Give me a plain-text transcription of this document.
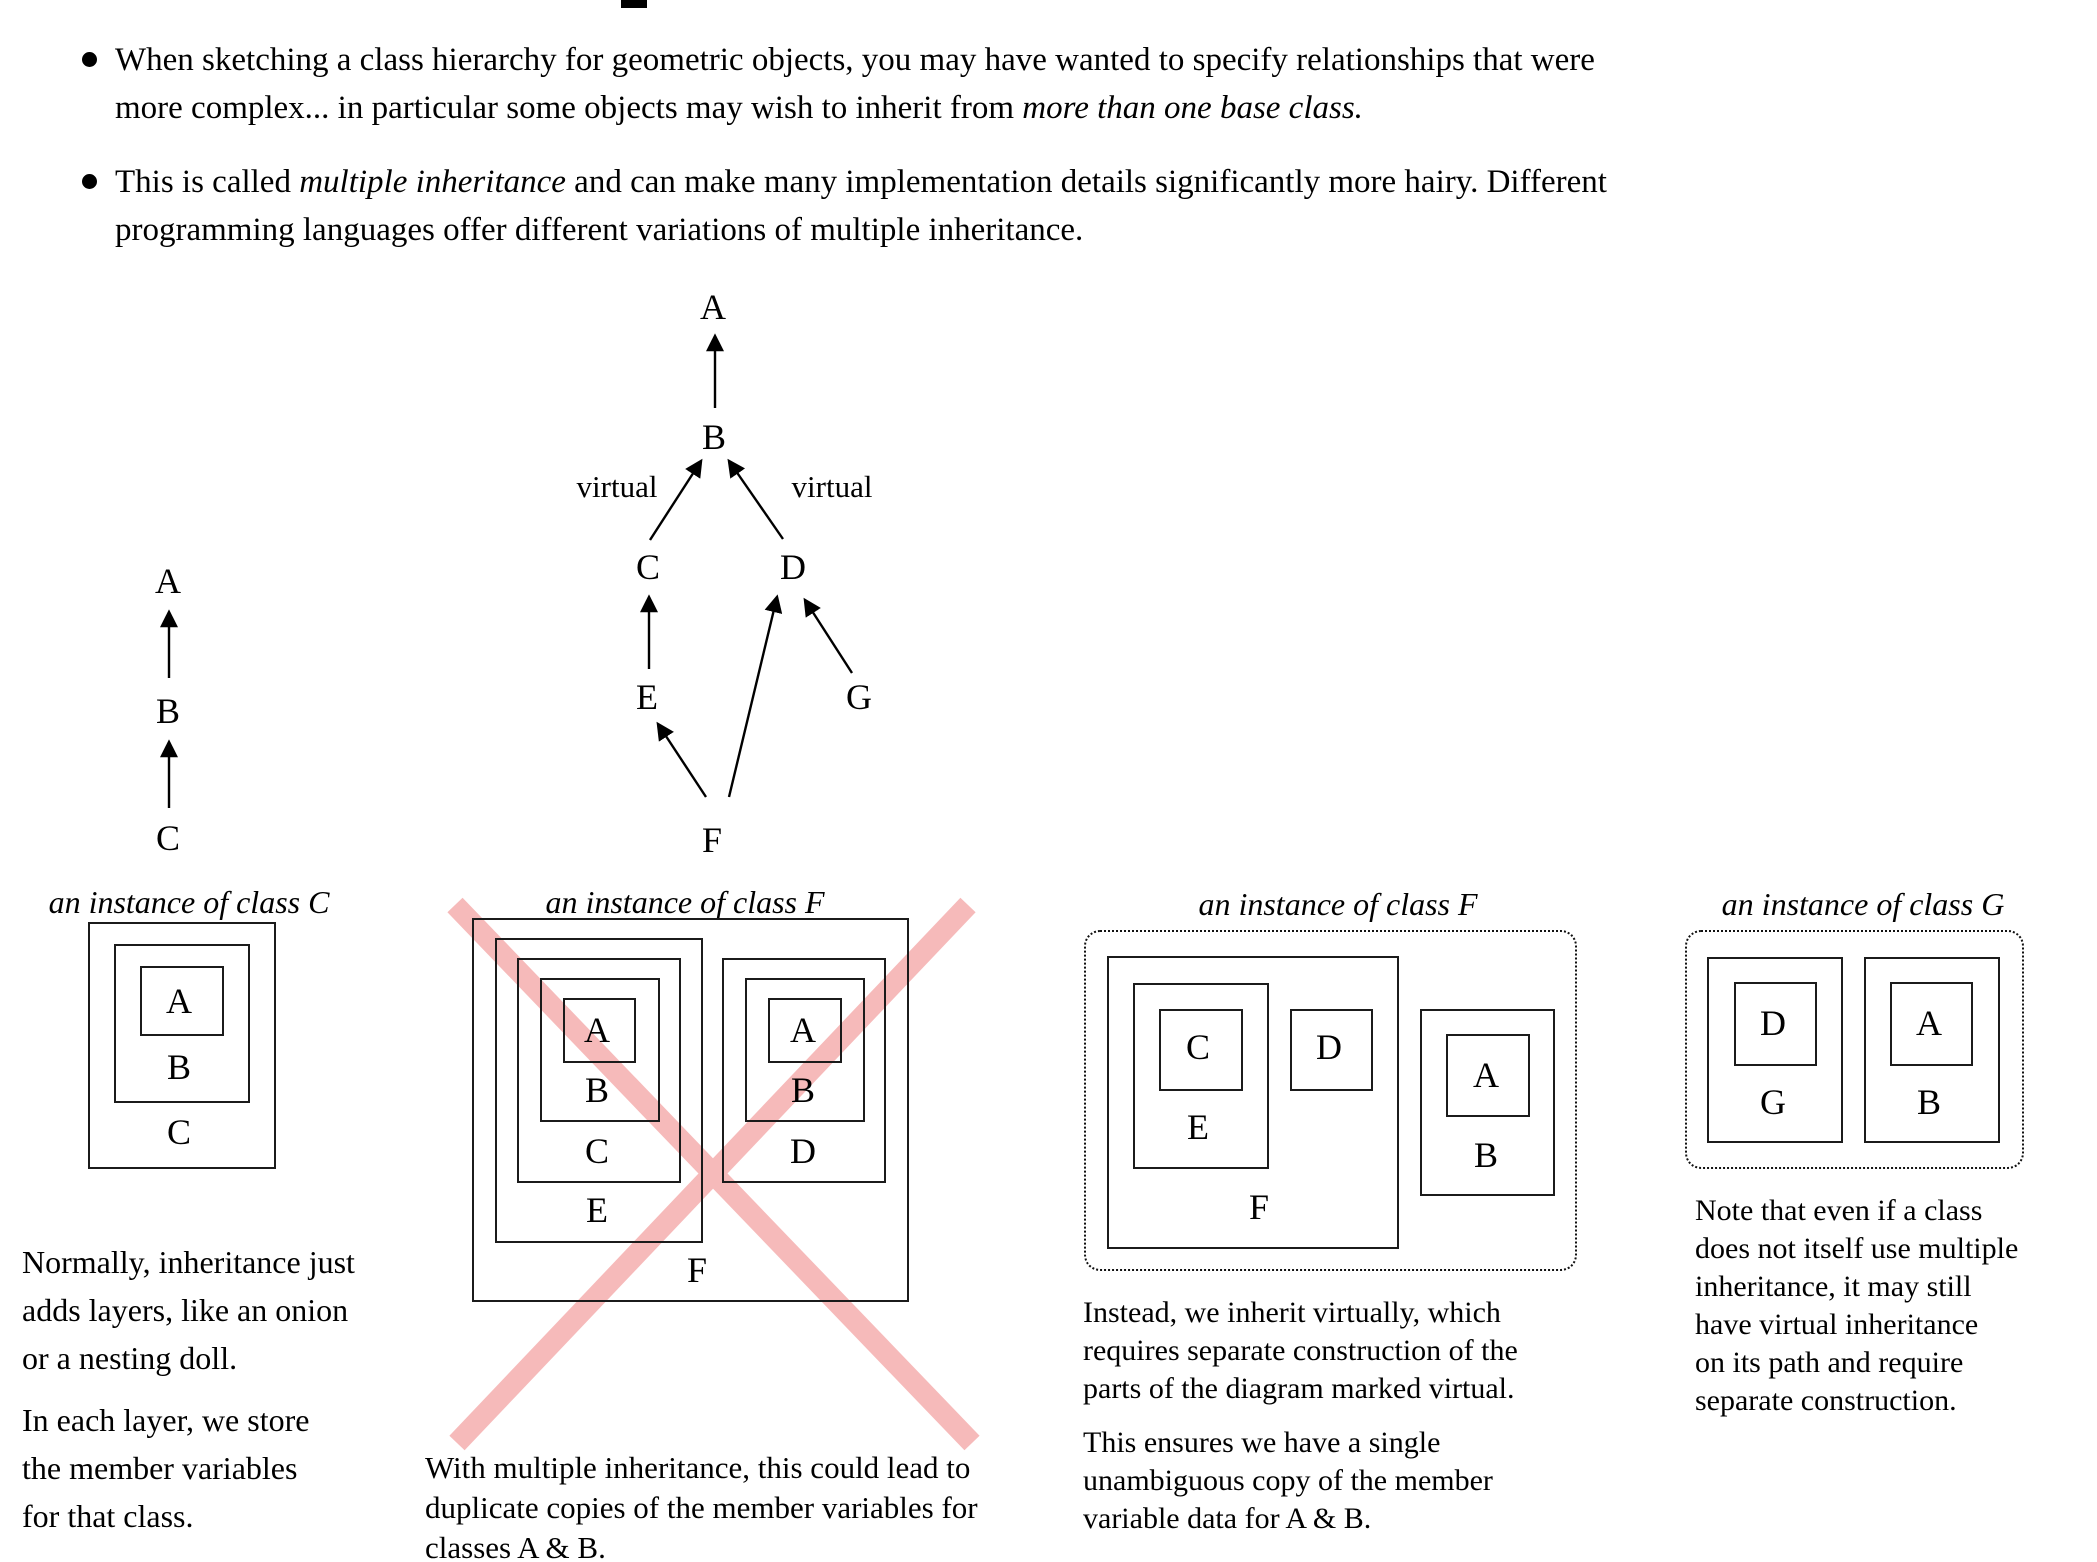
When sketching a class hierarchy for geometric objects, you may have wanted to specify relationships that were
more complex... in particular some objects may wish to inherit from more than one base class.
This is called multiple inheritance and can make many implementation details significantly more hairy. Different
programming languages offer different variations of multiple inheritance.
A
B
C
A
B
C	D
E	G
F
virtual	virtual
an instance of class C
A
B
C
Normally, inheritance just
adds layers, like an onion
or a nesting doll.
In each layer, we store
the member variables
for that class.
an instance of class F
A
B
C
E
F
A
B
D
With multiple inheritance, this could lead to
duplicate copies of the member variables for
classes A & B.
an instance of class F
C	D
E
F
A
B
Instead, we inherit virtually, which
requires separate construction of the
parts of the diagram marked virtual.
This ensures we have a single
unambiguous copy of the member
variable data for A & B.
an instance of class G
D
G
A
B
Note that even if a class
does not itself use multiple
inheritance, it may still
have virtual inheritance
on its path and require
separate construction.
